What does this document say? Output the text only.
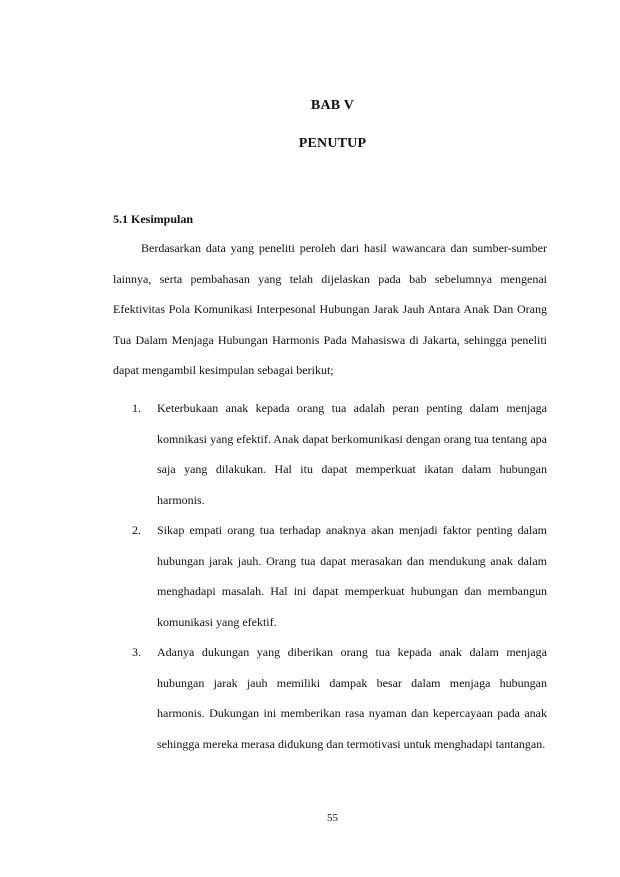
BAB V
PENUTUP
5.1 Kesimpulan

Berdasarkan data yang peneliti peroleh dari hasil wawancara dan sumber-sumber lainnya, serta pembahasan yang telah dijelaskan pada bab sebelumnya mengenai Efektivitas Pola Komunikasi Interpesonal Hubungan Jarak Jauh Antara Anak Dan Orang Tua Dalam Menjaga Hubungan Harmonis Pada Mahasiswa di Jakarta, sehingga peneliti dapat mengambil kesimpulan sebagai berikut;

1. Keterbukaan anak kepada orang tua adalah peran penting dalam menjaga komnikasi yang efektif. Anak dapat berkomunikasi dengan orang tua tentang apa saja yang dilakukan. Hal itu dapat memperkuat ikatan dalam hubungan harmonis.
2. Sikap empati orang tua terhadap anaknya akan menjadi faktor penting dalam hubungan jarak jauh. Orang tua dapat merasakan dan mendukung anak dalam menghadapi masalah. Hal ini dapat memperkuat hubungan dan membangun komunikasi yang efektif.
3. Adanya dukungan yang diberikan orang tua kepada anak dalam menjaga hubungan jarak jauh memiliki dampak besar dalam menjaga hubungan harmonis. Dukungan ini memberikan rasa nyaman dan kepercayaan pada anak sehingga mereka merasa didukung dan termotivasi untuk menghadapi tantangan.
55
